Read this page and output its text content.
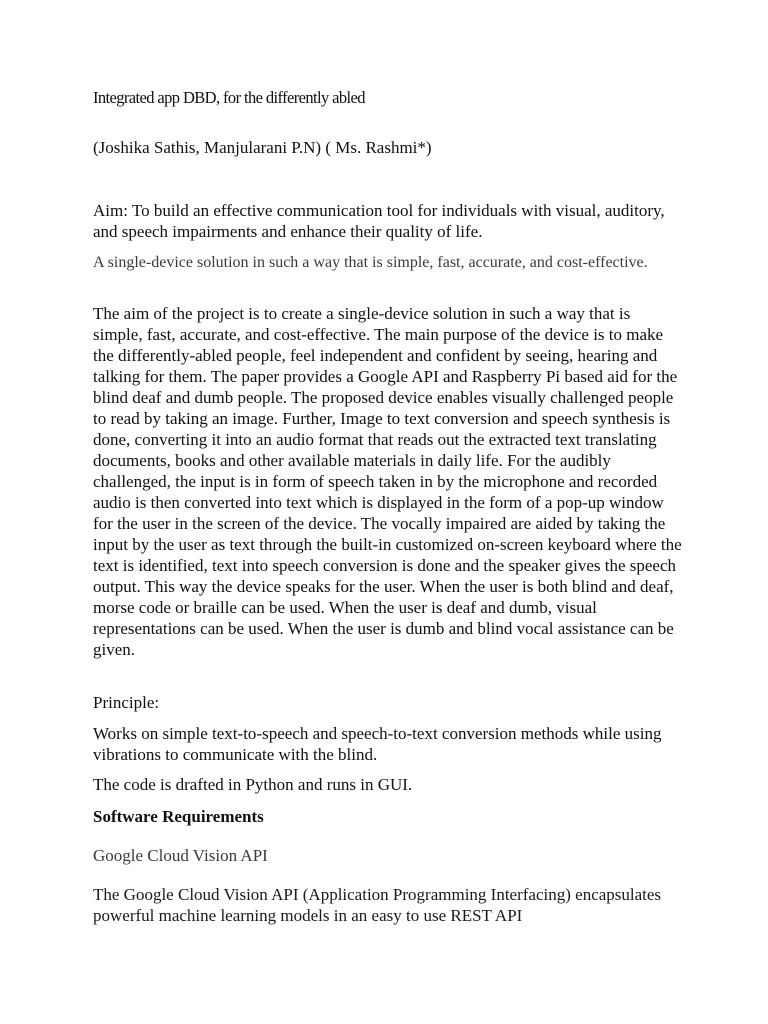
Integrated app DBD, for the differently abled
(Joshika Sathis, Manjularani P.N) ( Ms. Rashmi*)
Aim: To build an effective communication tool for individuals with visual, auditory, and speech impairments and enhance their quality of life.
A single-device solution in such a way that is simple, fast, accurate, and cost-effective.
The aim of the project is to create a single-device solution in such a way that is simple, fast, accurate, and cost-effective. The main purpose of the device is to make the differently-abled people, feel independent and confident by seeing, hearing and talking for them. The paper provides a Google API and Raspberry Pi based aid for the blind deaf and dumb people. The proposed device enables visually challenged people to read by taking an image. Further, Image to text conversion and speech synthesis is done, converting it into an audio format that reads out the extracted text translating documents, books and other available materials in daily life. For the audibly challenged, the input is in form of speech taken in by the microphone and recorded audio is then converted into text which is displayed in the form of a pop-up window for the user in the screen of the device. The vocally impaired are aided by taking the input by the user as text through the built-in customized on-screen keyboard where the text is identified, text into speech conversion is done and the speaker gives the speech output. This way the device speaks for the user. When the user is both blind and deaf, morse code or braille can be used. When the user is deaf and dumb, visual representations can be used. When the user is dumb and blind vocal assistance can be given.
Principle:
Works on simple text-to-speech and speech-to-text conversion methods while using vibrations to communicate with the blind.
The code is drafted in Python and runs in GUI.
Software Requirements
Google Cloud Vision API
The Google Cloud Vision API (Application Programming Interfacing) encapsulates powerful machine learning models in an easy to use REST API
